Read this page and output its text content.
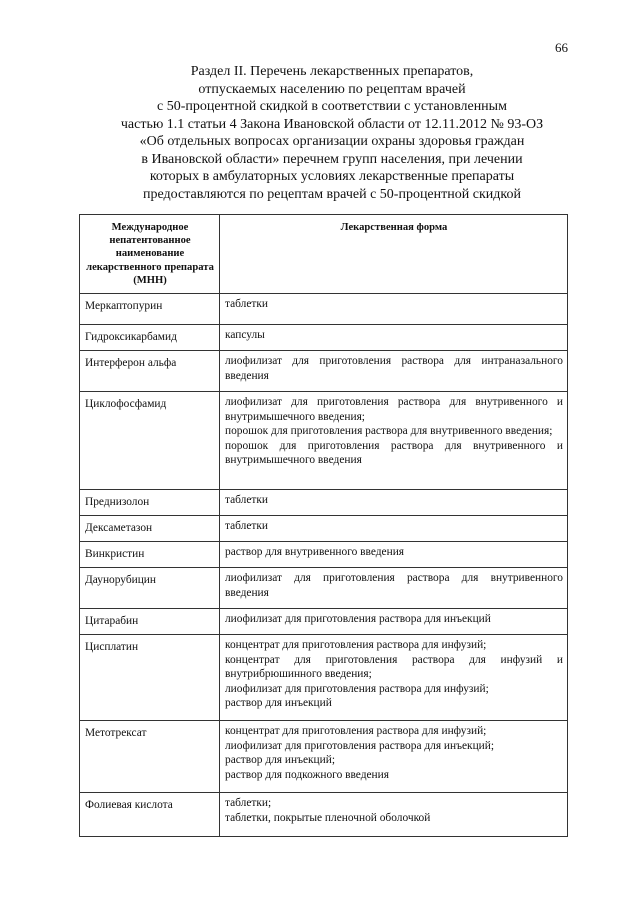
66
Раздел II. Перечень лекарственных препаратов,
отпускаемых населению по рецептам врачей
с 50-процентной скидкой в соответствии с установленным
частью 1.1 статьи 4 Закона Ивановской области от 12.11.2012 № 93-ОЗ
«Об отдельных вопросах организации охраны здоровья граждан
в Ивановской области» перечнем групп населения, при лечении
которых в амбулаторных условиях лекарственные препараты
предоставляются по рецептам врачей с 50-процентной скидкой
Международное непатентованное наименование лекарственного препарата (МНН)	Лекарственная форма
Меркаптопурин	таблетки

Гидроксикарбамид	капсулы

Интерферон альфа	лиофилизат для приготовления раствора для интраназального введения

Циклофосфамид	лиофилизат для приготовления раствора для внутривенного и внутримышечного введения;
порошок для приготовления раствора для внутривенного введения;
порошок для приготовления раствора для внутривенного и внутримышечного введения

Преднизолон	таблетки

Дексаметазон	таблетки

Винкристин	раствор для внутривенного введения

Даунорубицин	лиофилизат для приготовления раствора для внутривенного введения

Цитарабин	лиофилизат для приготовления раствора для инъекций

Цисплатин	концентрат для приготовления раствора для инфузий;
концентрат для приготовления раствора для инфузий и внутрибрюшинного введения;
лиофилизат для приготовления раствора для инфузий;
раствор для инъекций

Метотрексат	концентрат для приготовления раствора для инфузий;
лиофилизат для приготовления раствора для инъекций;
раствор для инъекций;
раствор для подкожного введения

Фолиевая кислота	таблетки;
таблетки, покрытые пленочной оболочкой
